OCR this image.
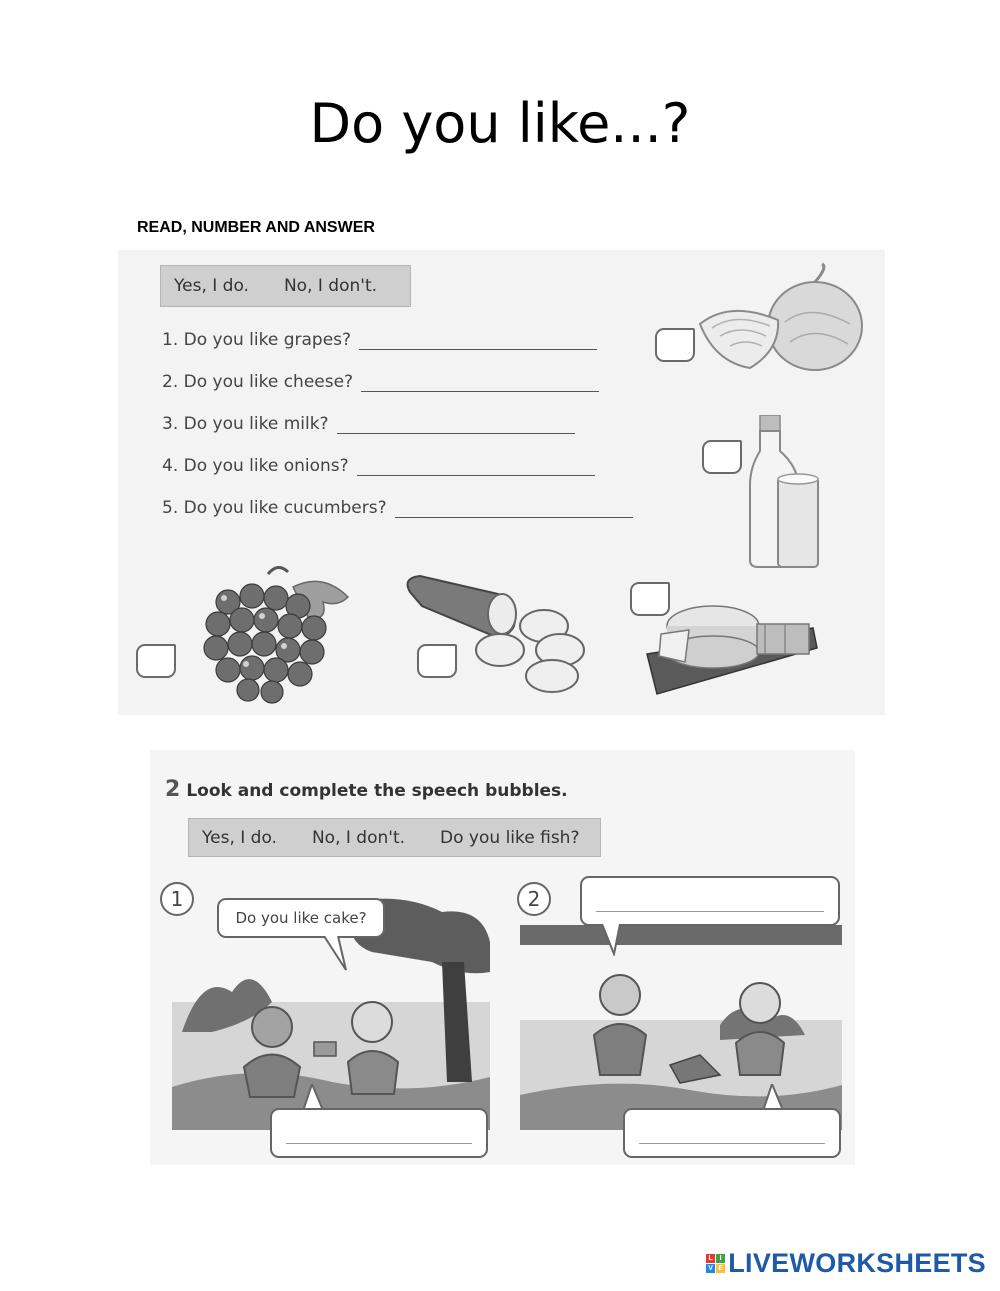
Do you like...?
READ, NUMBER AND ANSWER
Yes, I do. No, I don't.
1. Do you like grapes?
2. Do you like cheese?
3. Do you like milk?
4. Do you like onions?
5. Do you like cucumbers?
2 Look and complete the speech bubbles.
Yes, I do. No, I don't. Do you like fish?
1
Do you like cake?
2
L I
V E LIVEWORKSHEETS
